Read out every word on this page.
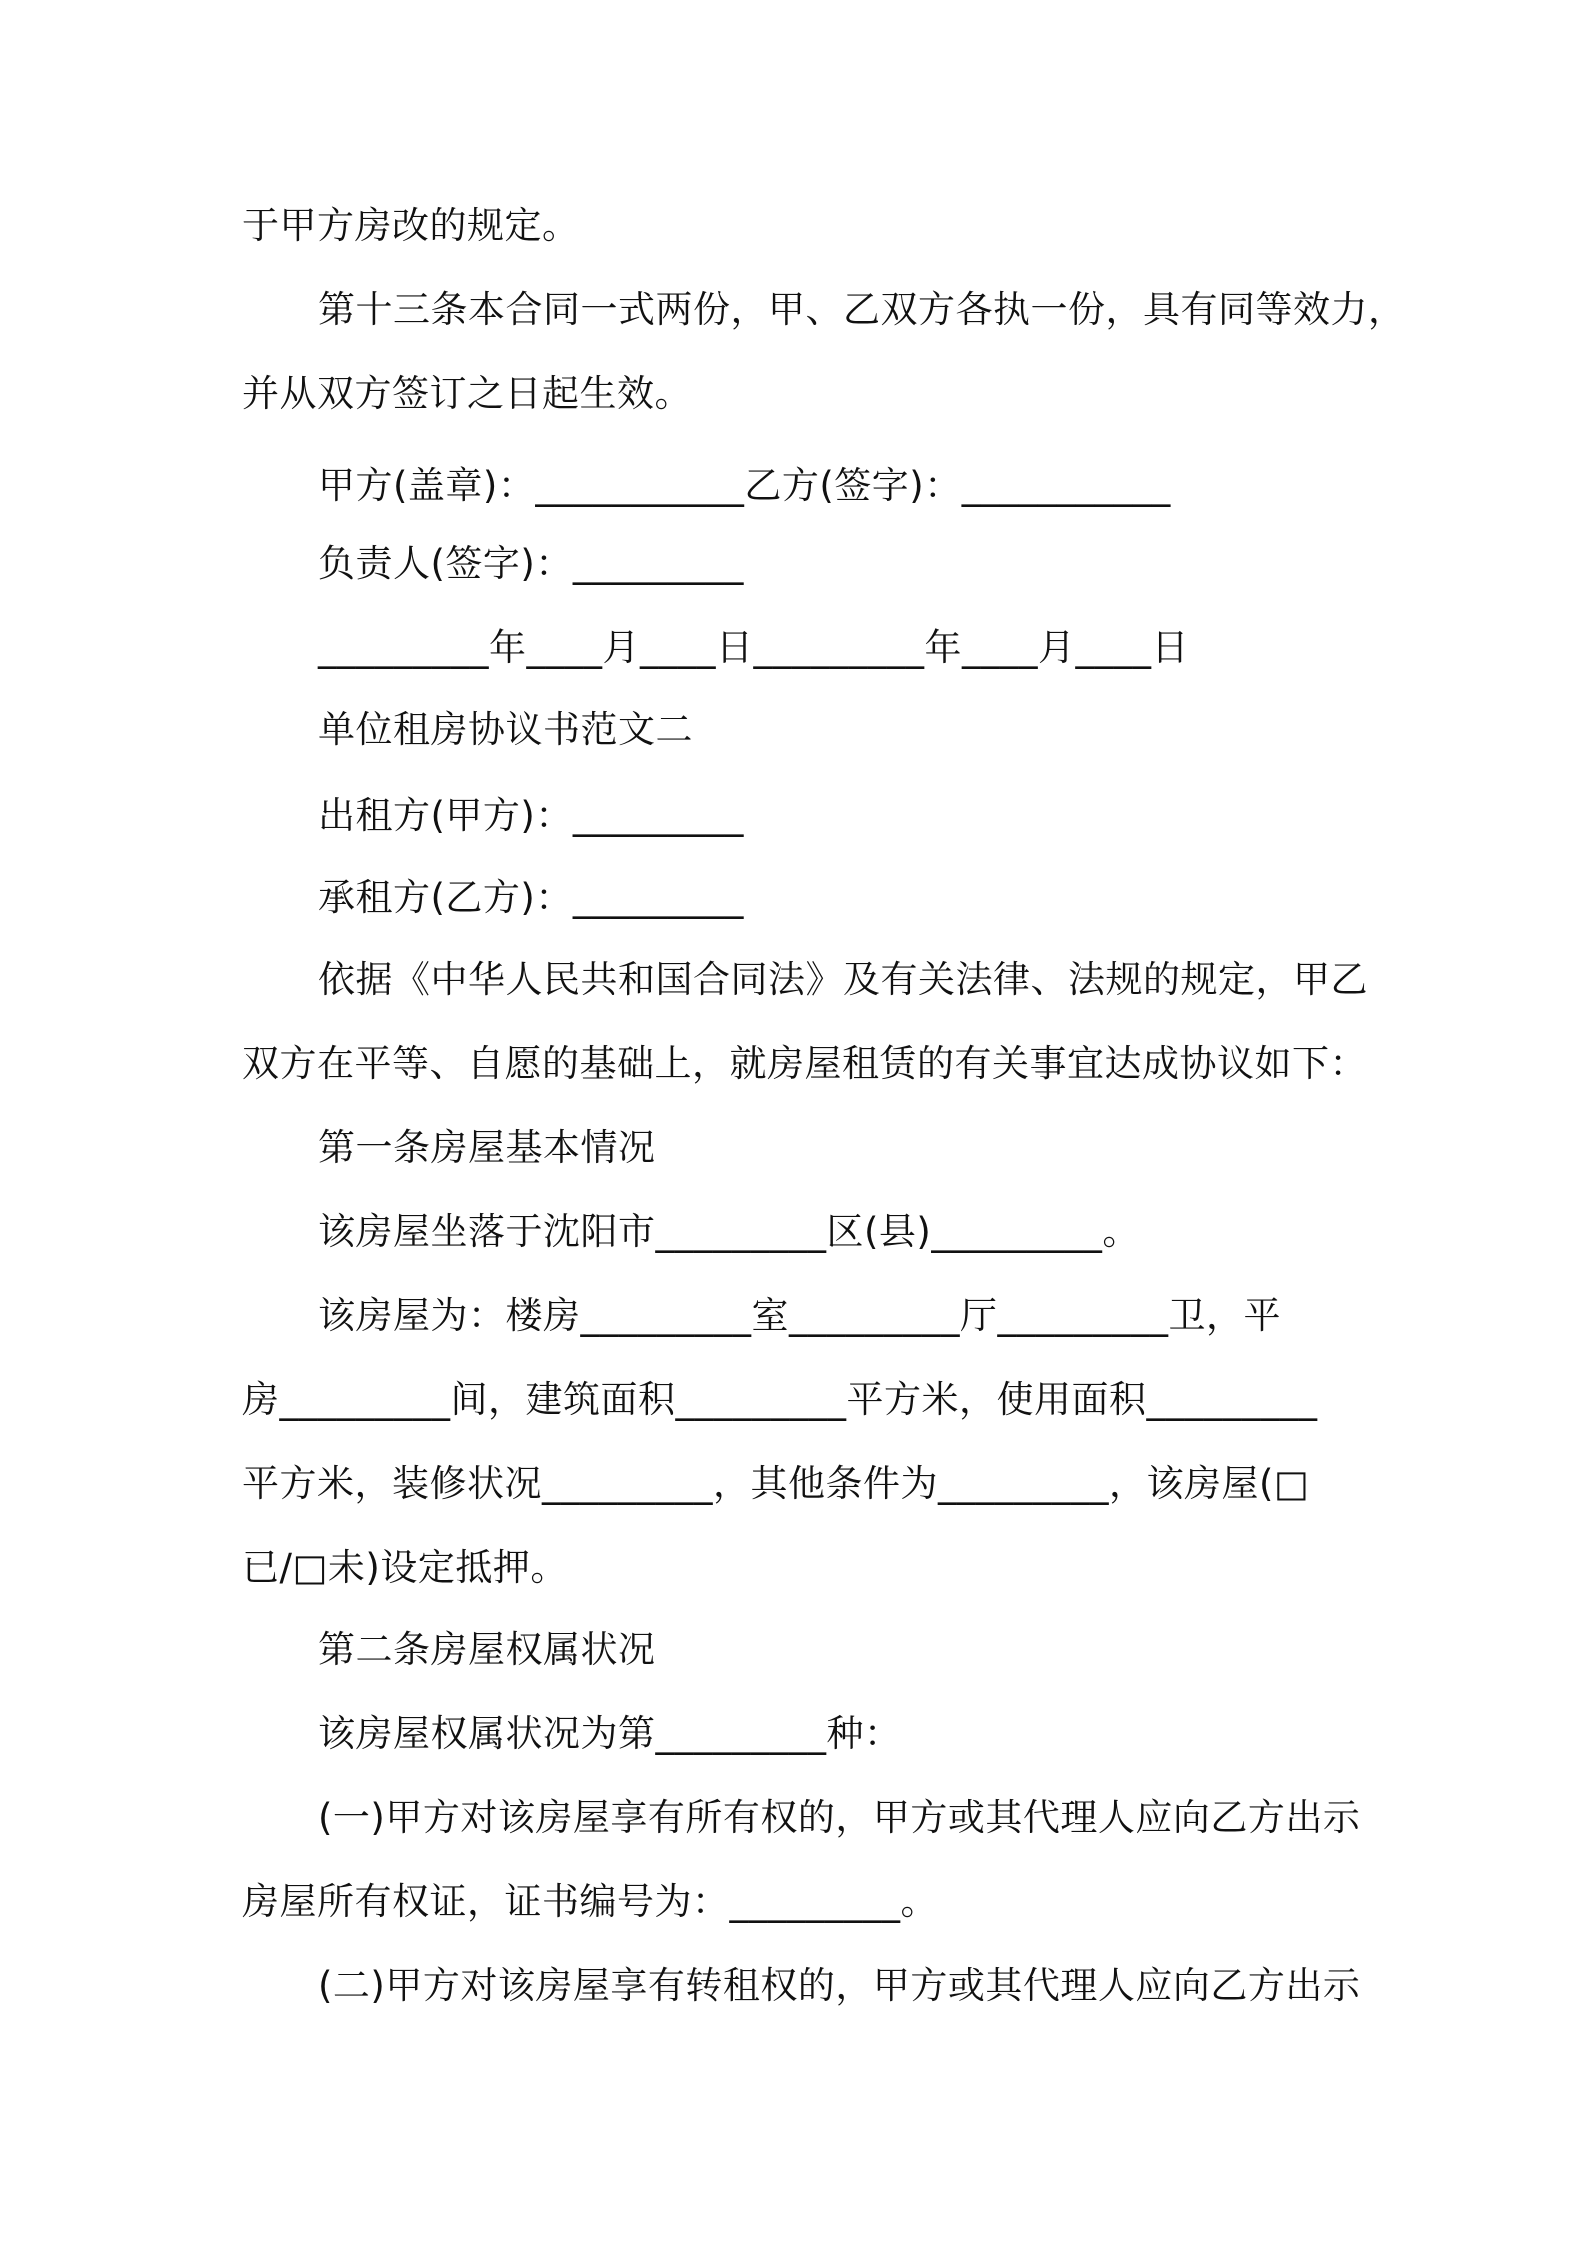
于甲方房改的规定。

第十三条本合同一式两份，甲、乙双方各执一份，具有同等效力，

并从双方签订之日起生效。

甲方(盖章)：___________乙方(签字)：___________

负责人(签字)：_________

_________年____月____日_________年____月____日

单位租房协议书范文二

出租方(甲方)：_________

承租方(乙方)：_________

依据《中华人民共和国合同法》及有关法律、法规的规定，甲乙

双方在平等、自愿的基础上，就房屋租赁的有关事宜达成协议如下：

第一条房屋基本情况

该房屋坐落于沈阳市_________区(县)_________。

该房屋为：楼房_________室_________厅_________卫，平

房_________间，建筑面积_________平方米，使用面积_________

平方米，装修状况_________，其他条件为_________，该房屋(□

已/□未)设定抵押。

第二条房屋权属状况

该房屋权属状况为第_________种：

(一)甲方对该房屋享有所有权的，甲方或其代理人应向乙方出示

房屋所有权证，证书编号为：_________。

(二)甲方对该房屋享有转租权的，甲方或其代理人应向乙方出示
